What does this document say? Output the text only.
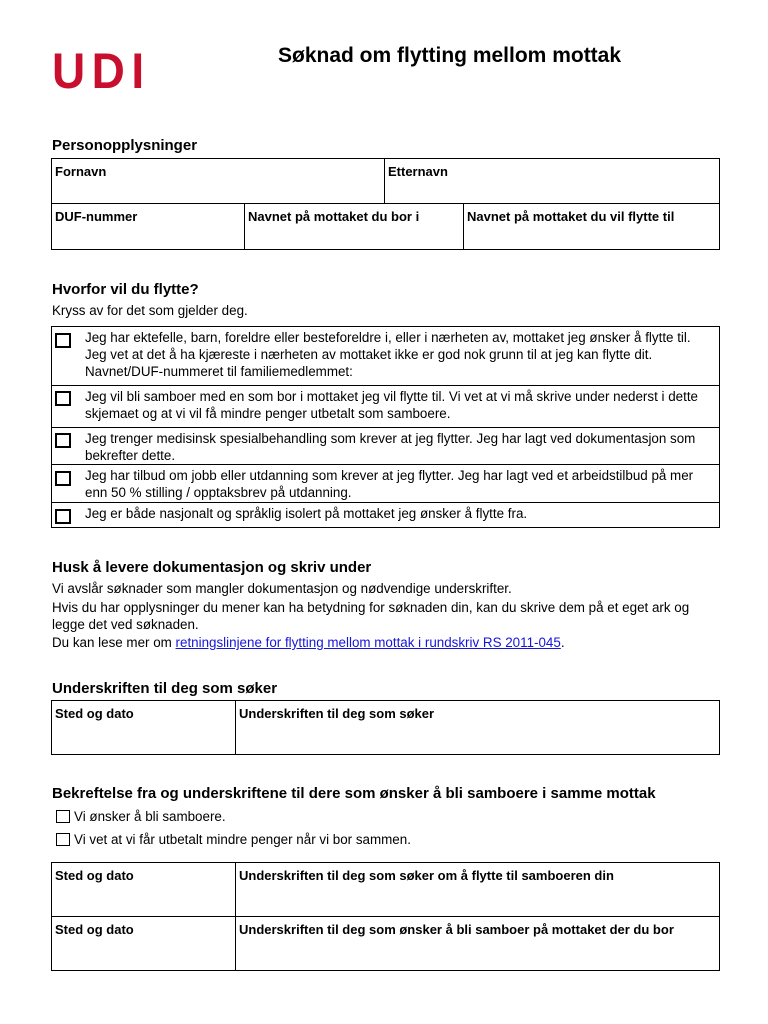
UDI	Søknad om flytting mellom mottak
Personopplysninger
Fornavn	Etternavn
DUF-nummer	Navnet på mottaket du bor i	Navnet på mottaket du vil flytte til
Hvorfor vil du flytte?
Kryss av for det som gjelder deg.
Jeg har ektefelle, barn, foreldre eller besteforeldre i, eller i nærheten av, mottaket jeg ønsker å flytte til. Jeg vet at det å ha kjæreste i nærheten av mottaket ikke er god nok grunn til at jeg kan flytte dit. Navnet/DUF-nummeret til familiemedlemmet:
Jeg vil bli samboer med en som bor i mottaket jeg vil flytte til. Vi vet at vi må skrive under nederst i dette skjemaet og at vi vil få mindre penger utbetalt som samboere.
Jeg trenger medisinsk spesialbehandling som krever at jeg flytter. Jeg har lagt ved dokumentasjon som bekrefter dette.
Jeg har tilbud om jobb eller utdanning som krever at jeg flytter. Jeg har lagt ved et arbeidstilbud på mer enn 50 % stilling / opptaksbrev på utdanning.
Jeg er både nasjonalt og språklig isolert på mottaket jeg ønsker å flytte fra.
Husk å levere dokumentasjon og skriv under
Vi avslår søknader som mangler dokumentasjon og nødvendige underskrifter.
Hvis du har opplysninger du mener kan ha betydning for søknaden din, kan du skrive dem på et eget ark og legge det ved søknaden.
Du kan lese mer om retningslinjene for flytting mellom mottak i rundskriv RS 2011-045.
Underskriften til deg som søker
Sted og dato	Underskriften til deg som søker
Bekreftelse fra og underskriftene til dere som ønsker å bli samboere i samme mottak
Vi ønsker å bli samboere.
Vi vet at vi får utbetalt mindre penger når vi bor sammen.
Sted og dato	Underskriften til deg som søker om å flytte til samboeren din
Sted og dato	Underskriften til deg som ønsker å bli samboer på mottaket der du bor
